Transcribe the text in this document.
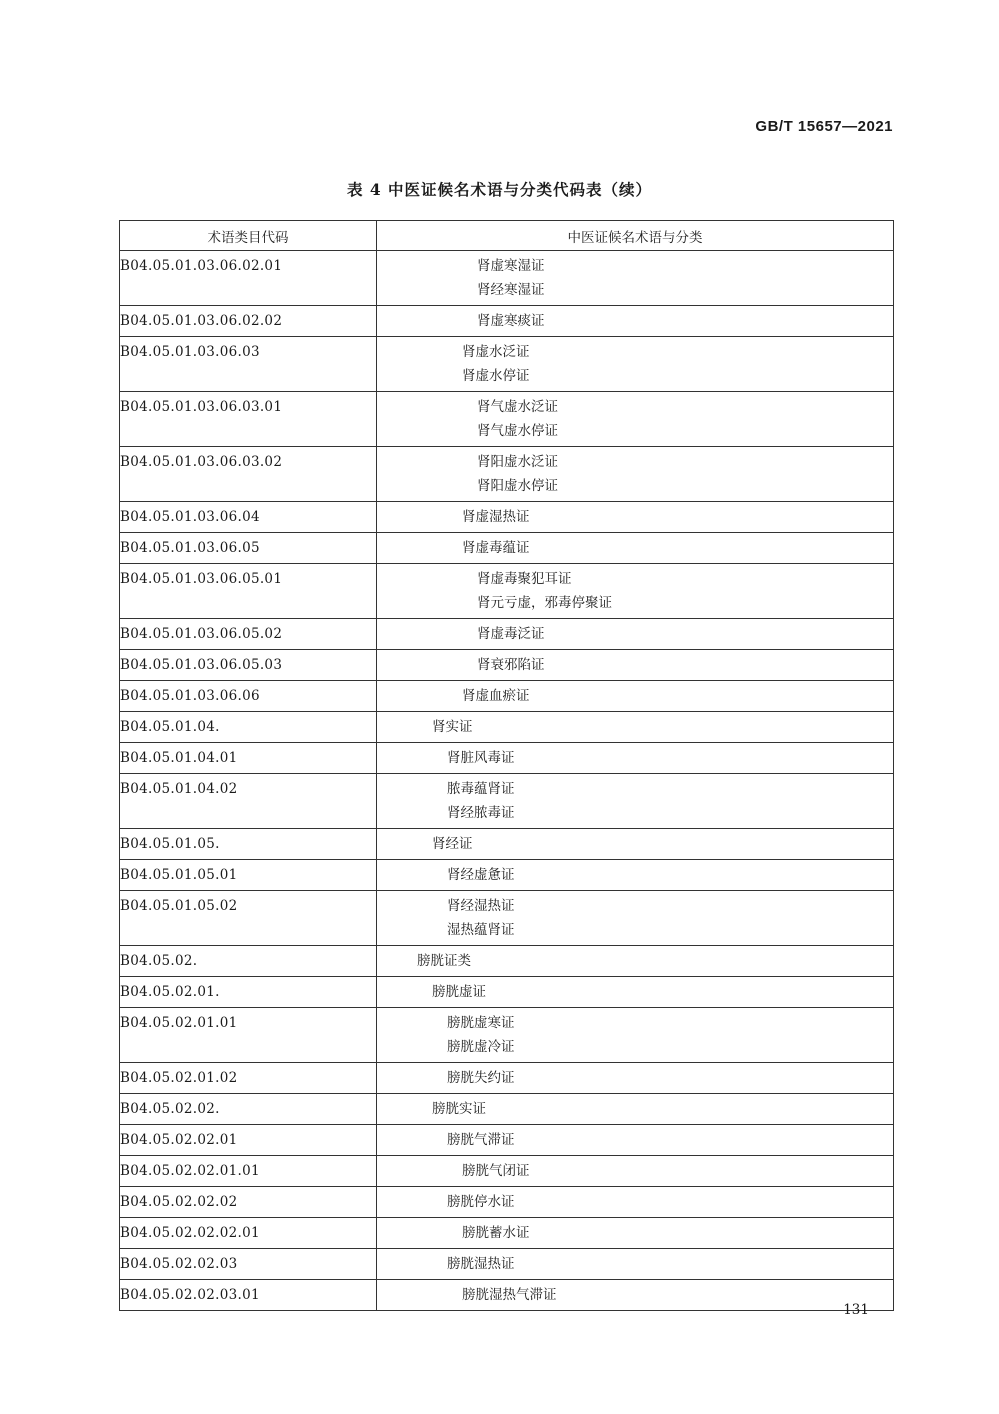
GB/T 15657—2021
表 4 中医证候名术语与分类代码表（续）
术语类目代码	中医证候名术语与分类
B04.05.01.03.06.02.01	肾虚寒湿证
肾经寒湿证

B04.05.01.03.06.02.02	肾虚寒痰证

B04.05.01.03.06.03	肾虚水泛证
肾虚水停证

B04.05.01.03.06.03.01	肾气虚水泛证
肾气虚水停证

B04.05.01.03.06.03.02	肾阳虚水泛证
肾阳虚水停证

B04.05.01.03.06.04	肾虚湿热证

B04.05.01.03.06.05	肾虚毒蕴证

B04.05.01.03.06.05.01	肾虚毒聚犯耳证
肾元亏虚，邪毒停聚证

B04.05.01.03.06.05.02	肾虚毒泛证

B04.05.01.03.06.05.03	肾衰邪陷证

B04.05.01.03.06.06	肾虚血瘀证

B04.05.01.04.	肾实证

B04.05.01.04.01	肾脏风毒证

B04.05.01.04.02	脓毒蕴肾证
肾经脓毒证

B04.05.01.05.	肾经证

B04.05.01.05.01	肾经虚惫证

B04.05.01.05.02	肾经湿热证
湿热蕴肾证

B04.05.02.	膀胱证类

B04.05.02.01.	膀胱虚证

B04.05.02.01.01	膀胱虚寒证
膀胱虚冷证

B04.05.02.01.02	膀胱失约证

B04.05.02.02.	膀胱实证

B04.05.02.02.01	膀胱气滞证

B04.05.02.02.01.01	膀胱气闭证

B04.05.02.02.02	膀胱停水证

B04.05.02.02.02.01	膀胱蓄水证

B04.05.02.02.03	膀胱湿热证

B04.05.02.02.03.01	膀胱湿热气滞证
131
